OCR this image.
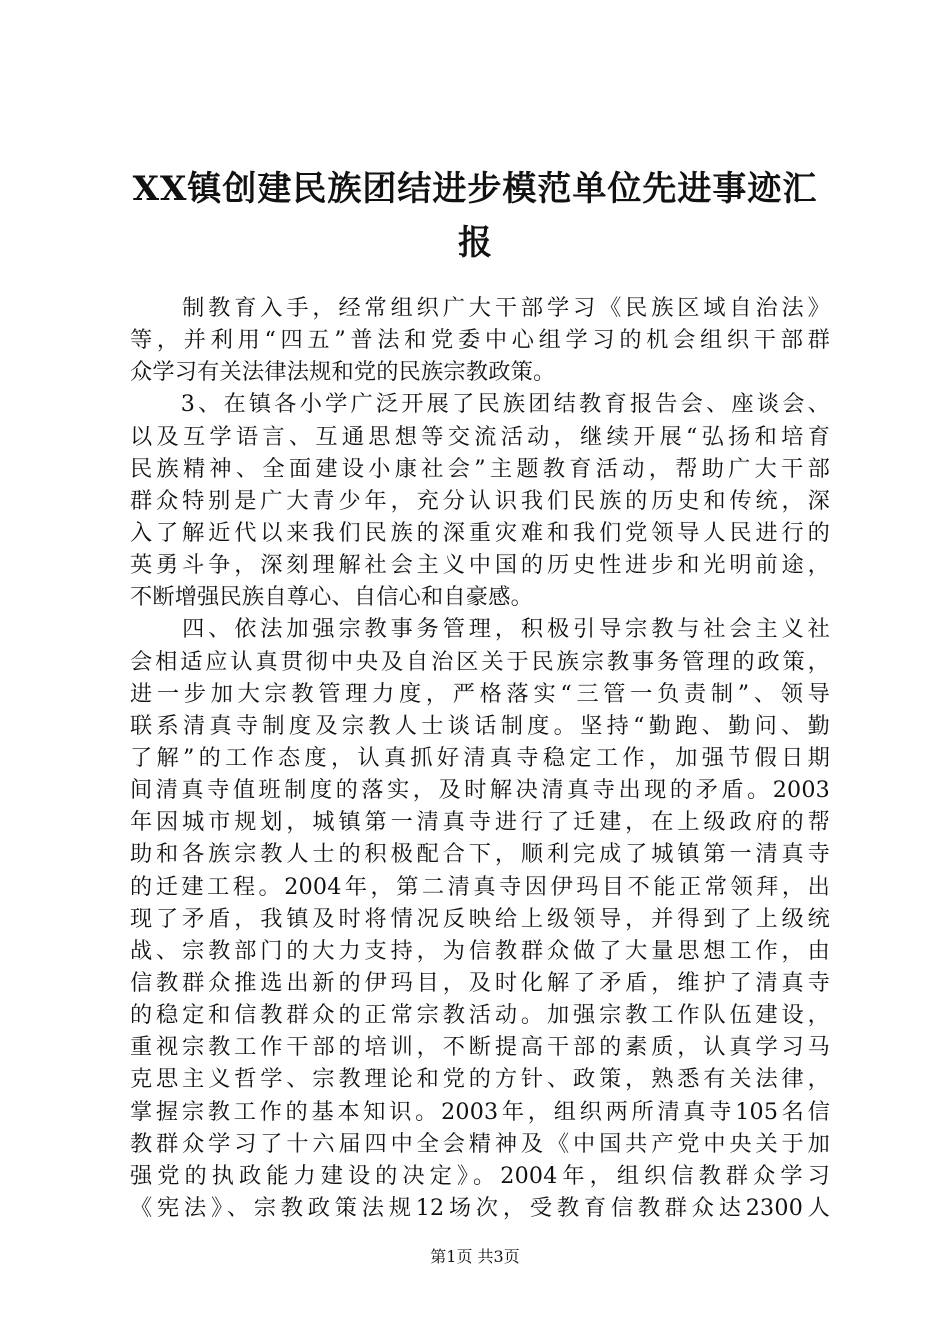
XX镇创建民族团结进步模范单位先进事迹汇
报
　　制教育入手，经常组织广大干部学习《民族区域自治法》
等，并利用“四五”普法和党委中心组学习的机会组织干部群
众学习有关法律法规和党的民族宗教政策。
　　3、在镇各小学广泛开展了民族团结教育报告会、座谈会、
以及互学语言、互通思想等交流活动，继续开展“弘扬和培育
民族精神、全面建设小康社会”主题教育活动，帮助广大干部
群众特别是广大青少年，充分认识我们民族的历史和传统，深
入了解近代以来我们民族的深重灾难和我们党领导人民进行的
英勇斗争，深刻理解社会主义中国的历史性进步和光明前途，
不断增强民族自尊心、自信心和自豪感。
　　四、依法加强宗教事务管理，积极引导宗教与社会主义社
会相适应认真贯彻中央及自治区关于民族宗教事务管理的政策，
进一步加大宗教管理力度，严格落实“三管一负责制”、领导
联系清真寺制度及宗教人士谈话制度。坚持“勤跑、勤问、勤
了解”的工作态度，认真抓好清真寺稳定工作，加强节假日期
间清真寺值班制度的落实，及时解决清真寺出现的矛盾。2003
年因城市规划，城镇第一清真寺进行了迁建，在上级政府的帮
助和各族宗教人士的积极配合下，顺利完成了城镇第一清真寺
的迁建工程。2004年，第二清真寺因伊玛目不能正常领拜，出
现了矛盾，我镇及时将情况反映给上级领导，并得到了上级统
战、宗教部门的大力支持，为信教群众做了大量思想工作，由
信教群众推选出新的伊玛目，及时化解了矛盾，维护了清真寺
的稳定和信教群众的正常宗教活动。加强宗教工作队伍建设，
重视宗教工作干部的培训，不断提高干部的素质，认真学习马
克思主义哲学、宗教理论和党的方针、政策，熟悉有关法律，
掌握宗教工作的基本知识。2003年，组织两所清真寺105名信
教群众学习了十六届四中全会精神及《中国共产党中央关于加
强党的执政能力建设的决定》。2004年，组织信教群众学习
《宪法》、宗教政策法规12场次，受教育信教群众达2300人
第1页 共3页
